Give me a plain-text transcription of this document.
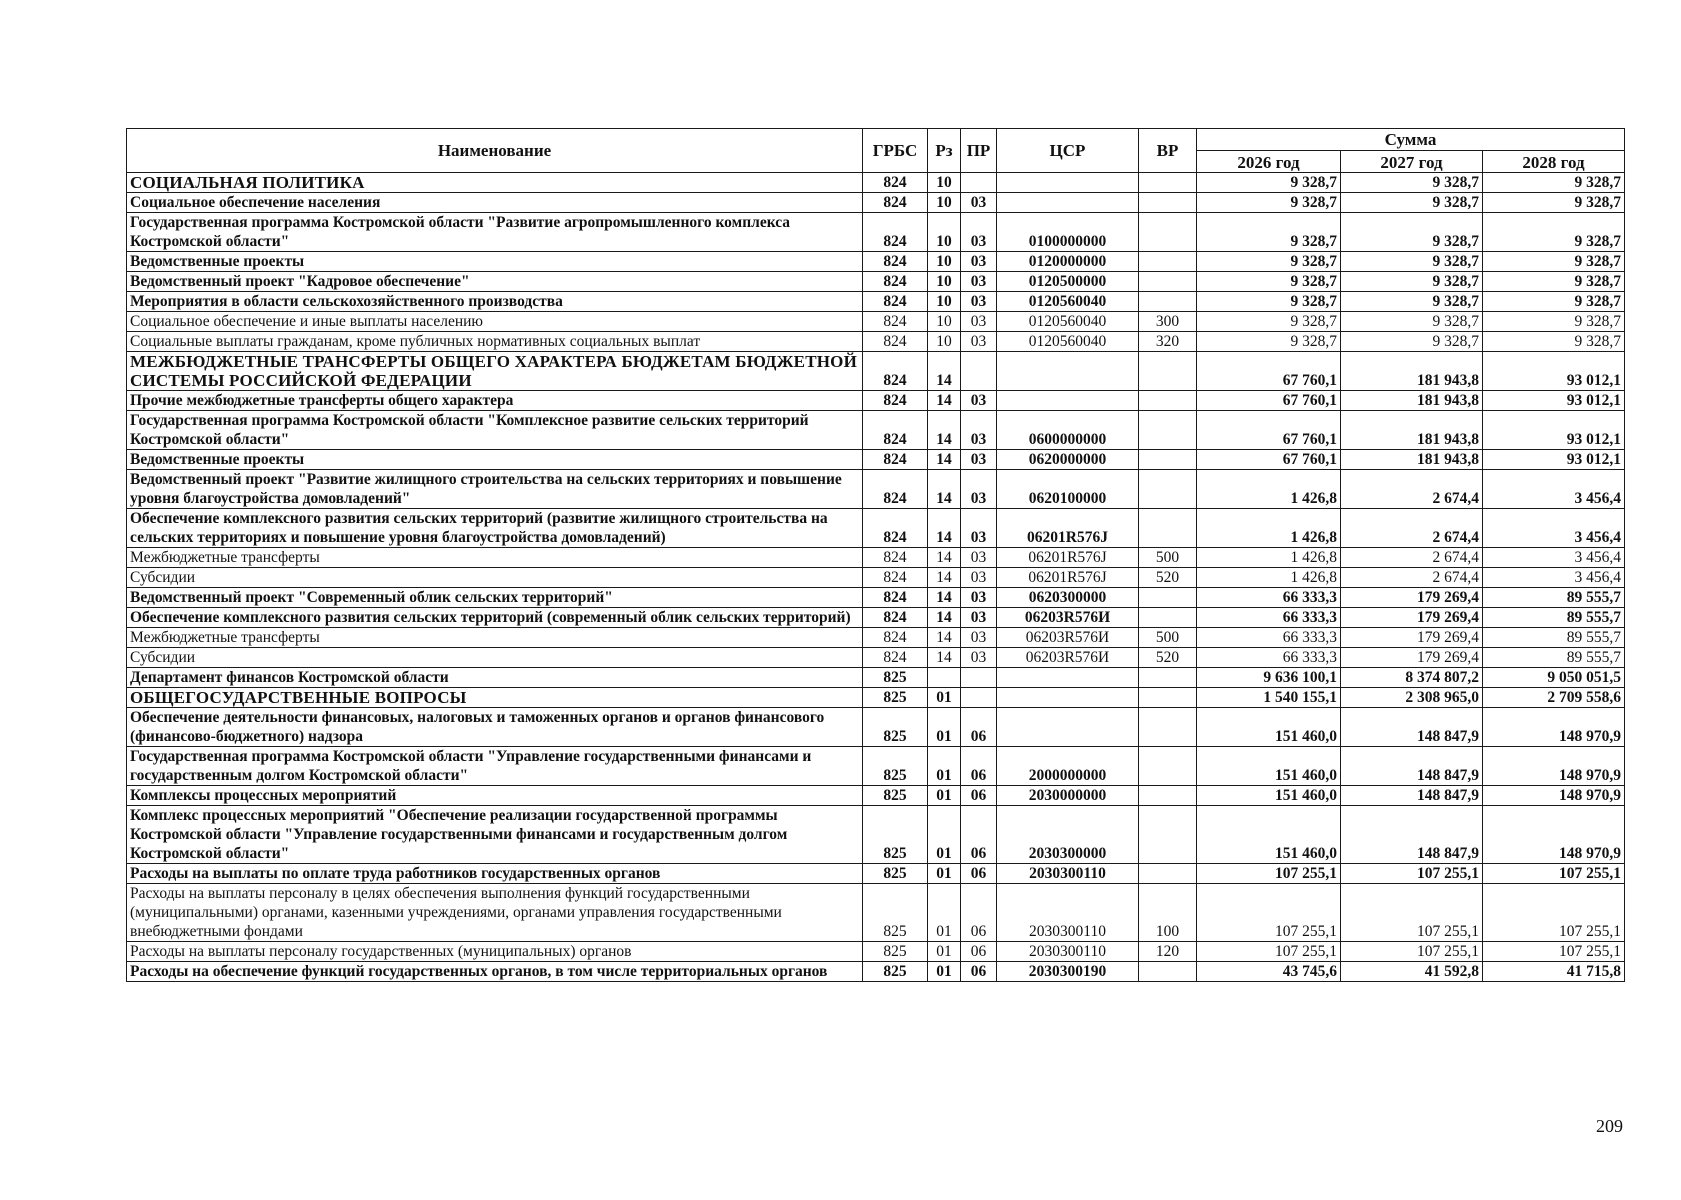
Наименование	ГРБС	Рз	ПР	ЦСР	ВР	Сумма		
						2026 год	2027 год	2028 год
СОЦИАЛЬНАЯ ПОЛИТИКА	824	10				9 328,7	9 328,7	9 328,7
Социальное обеспечение населения	824	10	03			9 328,7	9 328,7	9 328,7
Государственная программа Костромской области "Развитие агропромышленного комплекса Костромской области"	824	10	03	0100000000		9 328,7	9 328,7	9 328,7
Ведомственные проекты	824	10	03	0120000000		9 328,7	9 328,7	9 328,7
Ведомственный проект "Кадровое обеспечение"	824	10	03	0120500000		9 328,7	9 328,7	9 328,7
Мероприятия в области сельскохозяйственного производства	824	10	03	0120560040		9 328,7	9 328,7	9 328,7
Социальное обеспечение и иные выплаты населению	824	10	03	0120560040	300	9 328,7	9 328,7	9 328,7
Социальные выплаты гражданам, кроме публичных нормативных социальных выплат	824	10	03	0120560040	320	9 328,7	9 328,7	9 328,7
МЕЖБЮДЖЕТНЫЕ ТРАНСФЕРТЫ ОБЩЕГО ХАРАКТЕРА БЮДЖЕТАМ БЮДЖЕТНОЙ СИСТЕМЫ РОССИЙСКОЙ ФЕДЕРАЦИИ	824	14				67 760,1	181 943,8	93 012,1
Прочие межбюджетные трансферты общего характера	824	14	03			67 760,1	181 943,8	93 012,1
Государственная программа Костромской области "Комплексное развитие сельских территорий Костромской области"	824	14	03	0600000000		67 760,1	181 943,8	93 012,1
Ведомственные проекты	824	14	03	0620000000		67 760,1	181 943,8	93 012,1
Ведомственный проект "Развитие жилищного строительства на сельских территориях и повышение уровня благоустройства домовладений"	824	14	03	0620100000		1 426,8	2 674,4	3 456,4
Обеспечение комплексного развития сельских территорий (развитие жилищного строительства на сельских территориях и повышение уровня благоустройства домовладений)	824	14	03	06201R576J		1 426,8	2 674,4	3 456,4
Межбюджетные трансферты	824	14	03	06201R576J	500	1 426,8	2 674,4	3 456,4
Субсидии	824	14	03	06201R576J	520	1 426,8	2 674,4	3 456,4
Ведомственный проект "Современный облик сельских территорий"	824	14	03	0620300000		66 333,3	179 269,4	89 555,7
Обеспечение комплексного развития сельских территорий (современный облик сельских территорий)	824	14	03	06203R576И		66 333,3	179 269,4	89 555,7
Межбюджетные трансферты	824	14	03	06203R576И	500	66 333,3	179 269,4	89 555,7
Субсидии	824	14	03	06203R576И	520	66 333,3	179 269,4	89 555,7
Департамент финансов Костромской области	825					9 636 100,1	8 374 807,2	9 050 051,5
ОБЩЕГОСУДАРСТВЕННЫЕ ВОПРОСЫ	825	01				1 540 155,1	2 308 965,0	2 709 558,6
Обеспечение деятельности финансовых, налоговых и таможенных органов и органов финансового (финансово-бюджетного) надзора	825	01	06			151 460,0	148 847,9	148 970,9
Государственная программа Костромской области "Управление государственными финансами и государственным долгом Костромской области"	825	01	06	2000000000		151 460,0	148 847,9	148 970,9
Комплексы процессных мероприятий	825	01	06	2030000000		151 460,0	148 847,9	148 970,9
Комплекс процессных мероприятий "Обеспечение реализации государственной программы Костромской области "Управление государственными финансами и государственным долгом Костромской области"	825	01	06	2030300000		151 460,0	148 847,9	148 970,9
Расходы на выплаты по оплате труда работников государственных органов	825	01	06	2030300110		107 255,1	107 255,1	107 255,1
Расходы на выплаты персоналу в целях обеспечения выполнения функций государственными (муниципальными) органами, казенными учреждениями, органами управления государственными внебюджетными фондами	825	01	06	2030300110	100	107 255,1	107 255,1	107 255,1
Расходы на выплаты персоналу государственных (муниципальных) органов	825	01	06	2030300110	120	107 255,1	107 255,1	107 255,1
Расходы на обеспечение функций государственных органов, в том числе территориальных органов	825	01	06	2030300190		43 745,6	41 592,8	41 715,8
209
